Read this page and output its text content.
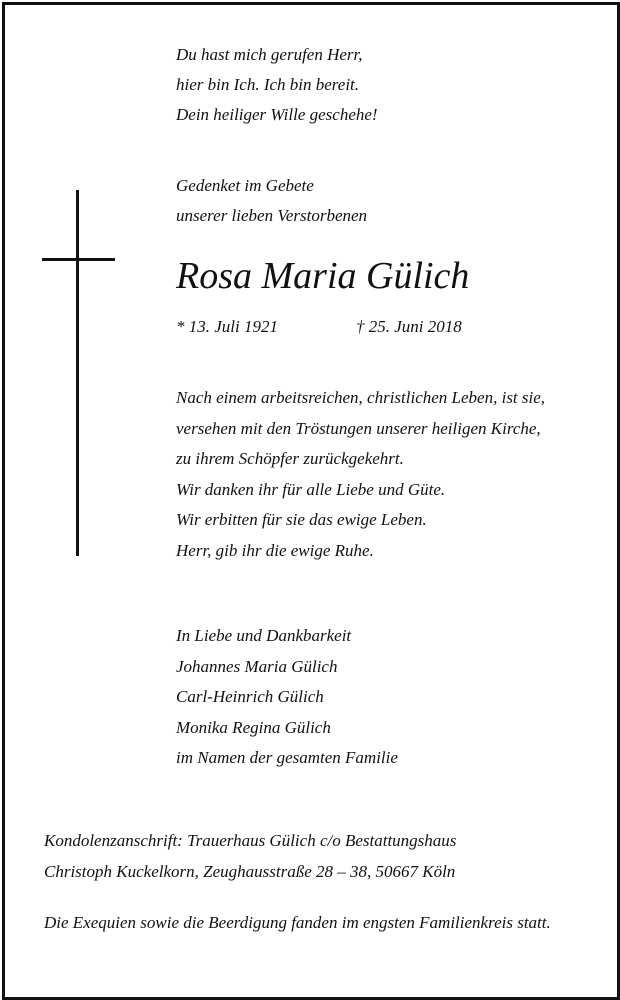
Du hast mich gerufen Herr,
hier bin Ich. Ich bin bereit.
Dein heiliger Wille geschehe!
Gedenket im Gebete
unserer lieben Verstorbenen
Rosa Maria Gülich
* 13. Juli 1921	† 25. Juni 2018
Nach einem arbeitsreichen, christlichen Leben, ist sie,
versehen mit den Tröstungen unserer heiligen Kirche,
zu ihrem Schöpfer zurückgekehrt.
Wir danken ihr für alle Liebe und Güte.
Wir erbitten für sie das ewige Leben.
Herr, gib ihr die ewige Ruhe.
In Liebe und Dankbarkeit
Johannes Maria Gülich
Carl-Heinrich Gülich
Monika Regina Gülich
im Namen der gesamten Familie
Kondolenzanschrift: Trauerhaus Gülich c/o Bestattungshaus
Christoph Kuckelkorn, Zeughausstraße 28 – 38, 50667 Köln
Die Exequien sowie die Beerdigung fanden im engsten Familienkreis statt.
